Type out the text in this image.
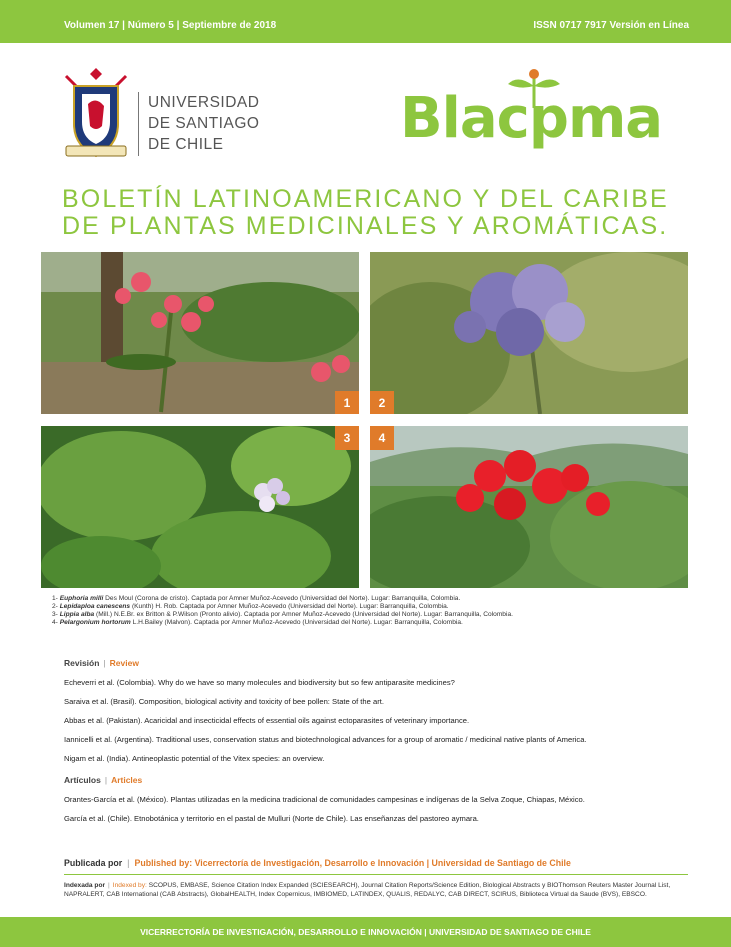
Volumen 17 | Número 5 | Septiembre de 2018	ISSN 0717 7917 Versión en Línea
UNIVERSIDAD
DE SANTIAGO
DE CHILE	Blacpma
BOLETÍN LATINOAMERICANO Y DEL CARIBE
DE PLANTAS MEDICINALES Y AROMÁTICAS.
1	2
3	4
1- Euphoria milli Des Moul (Corona de cristo). Captada por Amner Muñoz-Acevedo (Universidad del Norte). Lugar: Barranquilla, Colombia.
2- Lepidaploa canescens (Kunth) H. Rob. Captada por Amner Muñoz-Acevedo (Universidad del Norte). Lugar: Barranquilla, Colombia.
3- Lippia alba (Mill.) N.E.Br. ex Britton & P.Wilson (Pronto alivio). Captada por Amner Muñoz-Acevedo (Universidad del Norte). Lugar: Barranquilla, Colombia.
4- Pelargonium hortorum L.H.Bailey (Malvon). Captada por Amner Muñoz-Acevedo (Universidad del Norte). Lugar: Barranquilla, Colombia.
Revisión | Review
Echeverri et al. (Colombia). Why do we have so many molecules and biodiversity but so few antiparasite medicines?
Saraiva et al. (Brasil). Composition, biological activity and toxicity of bee pollen: State of the art.
Abbas et al. (Pakistan). Acaricidal and insecticidal effects of essential oils against ectoparasites of veterinary importance.
Iannicelli et al. (Argentina). Traditional uses, conservation status and biotechnological advances for a group of aromatic / medicinal native plants of America.
Nigam et al. (India). Antineoplastic potential of the Vitex species: an overview.
Artículos | Articles
Orantes-García et al. (México). Plantas utilizadas en la medicina tradicional de comunidades campesinas e indígenas de la Selva Zoque, Chiapas, México.
García et al. (Chile). Etnobotánica y territorio en el pastal de Mulluri (Norte de Chile). Las enseñanzas del pastoreo aymara.
Publicada por | Published by: Vicerrectoría de Investigación, Desarrollo e Innovación | Universidad de Santiago de Chile
Indexada por | Indexed by: SCOPUS, EMBASE, Science Citation Index Expanded (SCIESEARCH), Journal Citation Reports/Science Edition, Biological Abstracts y BIOThomson Reuters Master Journal List, NAPRALERT, CAB International (CAB Abstracts), GlobalHEALTH, Index Copernicus, IMBIOMED, LATINDEX, QUALIS, REDALYC, CAB DIRECT, SCIRUS, Biblioteca Virtual da Saude (BVS), EBSCO.
VICERRECTORÍA DE INVESTIGACIÓN, DESARROLLO E INNOVACIÓN | UNIVERSIDAD DE SANTIAGO DE CHILE
